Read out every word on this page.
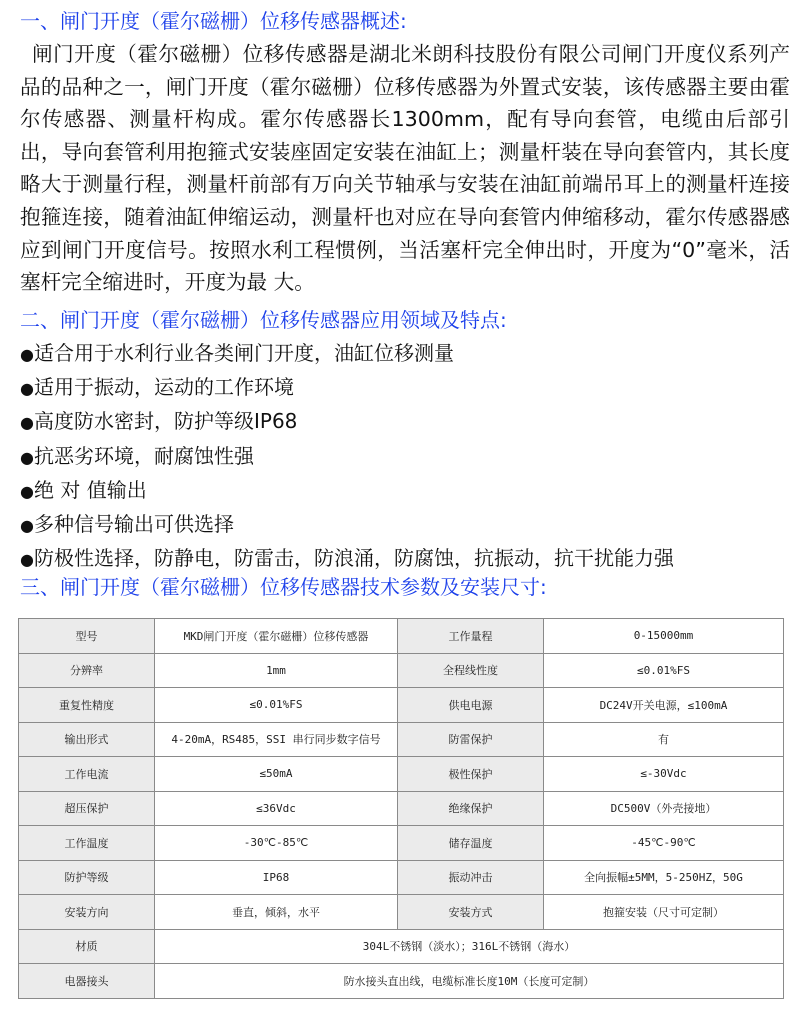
一、闸门开度（霍尔磁栅）位移传感器概述:
闸门开度（霍尔磁栅）位移传感器是湖北米朗科技股份有限公司闸门开度仪系列产品的品种之一，闸门开度（霍尔磁栅）位移传感器为外置式安装，该传感器主要由霍尔传感器、测量杆构成。霍尔传感器长1300mm，配有导向套管，电缆由后部引出，导向套管利用抱箍式安装座固定安装在油缸上；测量杆装在导向套管内，其长度略大于测量行程，测量杆前部有万向关节轴承与安装在油缸前端吊耳上的测量杆连接抱箍连接，随着油缸伸缩运动，测量杆也对应在导向套管内伸缩移动，霍尔传感器感应到闸门开度信号。按照水利工程惯例，当活塞杆完全伸出时，开度为“0”毫米，活塞杆完全缩进时，开度为最 大。
二、闸门开度（霍尔磁栅）位移传感器应用领域及特点:
●适合用于水利行业各类闸门开度，油缸位移测量
●适用于振动，运动的工作环境
●高度防水密封，防护等级IP68
●抗恶劣环境，耐腐蚀性强
●绝 对 值输出
●多种信号输出可供选择
●防极性选择，防静电，防雷击，防浪涌，防腐蚀，抗振动，抗干扰能力强
三、闸门开度（霍尔磁栅）位移传感器技术参数及安装尺寸:
型号	MKD闸门开度（霍尔磁栅）位移传感器	工作量程	0-15000mm
分辨率	1mm	全程线性度	≤0.01%FS
重复性精度	≤0.01%FS	供电电源	DC24V开关电源，≤100mA
输出形式	4-20mA，RS485，SSI 串行同步数字信号	防雷保护	有
工作电流	≤50mA	极性保护	≤-30Vdc
超压保护	≤36Vdc	绝缘保护	DC500V（外壳接地）
工作温度	-30℃-85℃	储存温度	-45℃-90℃
防护等级	IP68	振动冲击	全向振幅±5MM，5-250HZ，50G
安装方向	垂直，倾斜，水平	安装方式	抱箍安装（尺寸可定制）
材质	304L不锈钢（淡水）；316L不锈钢（海水）		
电器接头	防水接头直出线，电缆标准长度10M（长度可定制）		
